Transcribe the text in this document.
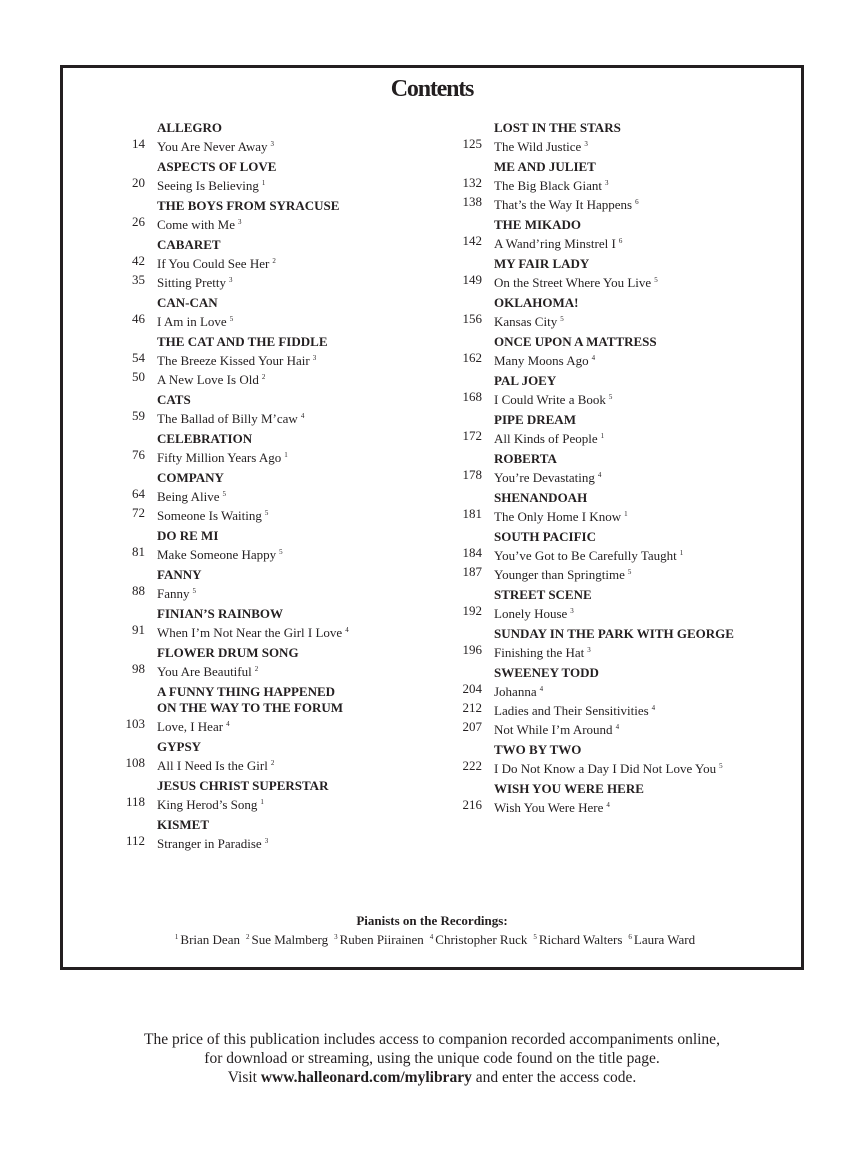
Contents
ALLEGRO
14 You Are Never Away $^3$
ASPECTS OF LOVE
20 Seeing Is Believing $^1$
THE BOYS FROM SYRACUSE
26 Come with Me $^3$
CABARET
42 If You Could See Her $^2$
35 Sitting Pretty $^3$
CAN-CAN
46 I Am in Love $^5$
THE CAT AND THE FIDDLE
54 The Breeze Kissed Your Hair $^3$
50 A New Love Is Old $^2$
CATS
59 The Ballad of Billy M’caw $^4$
CELEBRATION
76 Fifty Million Years Ago $^1$
COMPANY
64 Being Alive $^5$
72 Someone Is Waiting $^5$
DO RE MI
81 Make Someone Happy $^5$
FANNY
88 Fanny $^5$
FINIAN’S RAINBOW
91 When I’m Not Near the Girl I Love $^4$
FLOWER DRUM SONG
98 You Are Beautiful $^2$
A FUNNY THING HAPPENED
ON THE WAY TO THE FORUM
103 Love, I Hear $^4$
GYPSY
108 All I Need Is the Girl $^2$
JESUS CHRIST SUPERSTAR
118 King Herod’s Song $^1$
KISMET
112 Stranger in Paradise $^3$
LOST IN THE STARS
125 The Wild Justice $^3$
ME AND JULIET
132 The Big Black Giant $^3$
138 That’s the Way It Happens $^6$
THE MIKADO
142 A Wand’ring Minstrel I $^6$
MY FAIR LADY
149 On the Street Where You Live $^5$
OKLAHOMA!
156 Kansas City $^5$
ONCE UPON A MATTRESS
162 Many Moons Ago $^4$
PAL JOEY
168 I Could Write a Book $^5$
PIPE DREAM
172 All Kinds of People $^1$
ROBERTA
178 You’re Devastating $^4$
SHENANDOAH
181 The Only Home I Know $^1$
SOUTH PACIFIC
184 You’ve Got to Be Carefully Taught $^1$
187 Younger than Springtime $^5$
STREET SCENE
192 Lonely House $^3$
SUNDAY IN THE PARK WITH GEORGE
196 Finishing the Hat $^3$
SWEENEY TODD
204 Johanna $^4$
212 Ladies and Their Sensitivities $^4$
207 Not While I’m Around $^4$
TWO BY TWO
222 I Do Not Know a Day I Did Not Love You $^5$
WISH YOU WERE HERE
216 Wish You Were Here $^4$
Pianists on the Recordings:
$^1$ Brian Dean $^2$ Sue Malmberg $^3$ Ruben Piirainen $^4$ Christopher Ruck $^5$ Richard Walters $^6$ Laura Ward
The price of this publication includes access to companion recorded accompaniments online,
for download or streaming, using the unique code found on the title page.
Visit www.halleonard.com/mylibrary and enter the access code.
